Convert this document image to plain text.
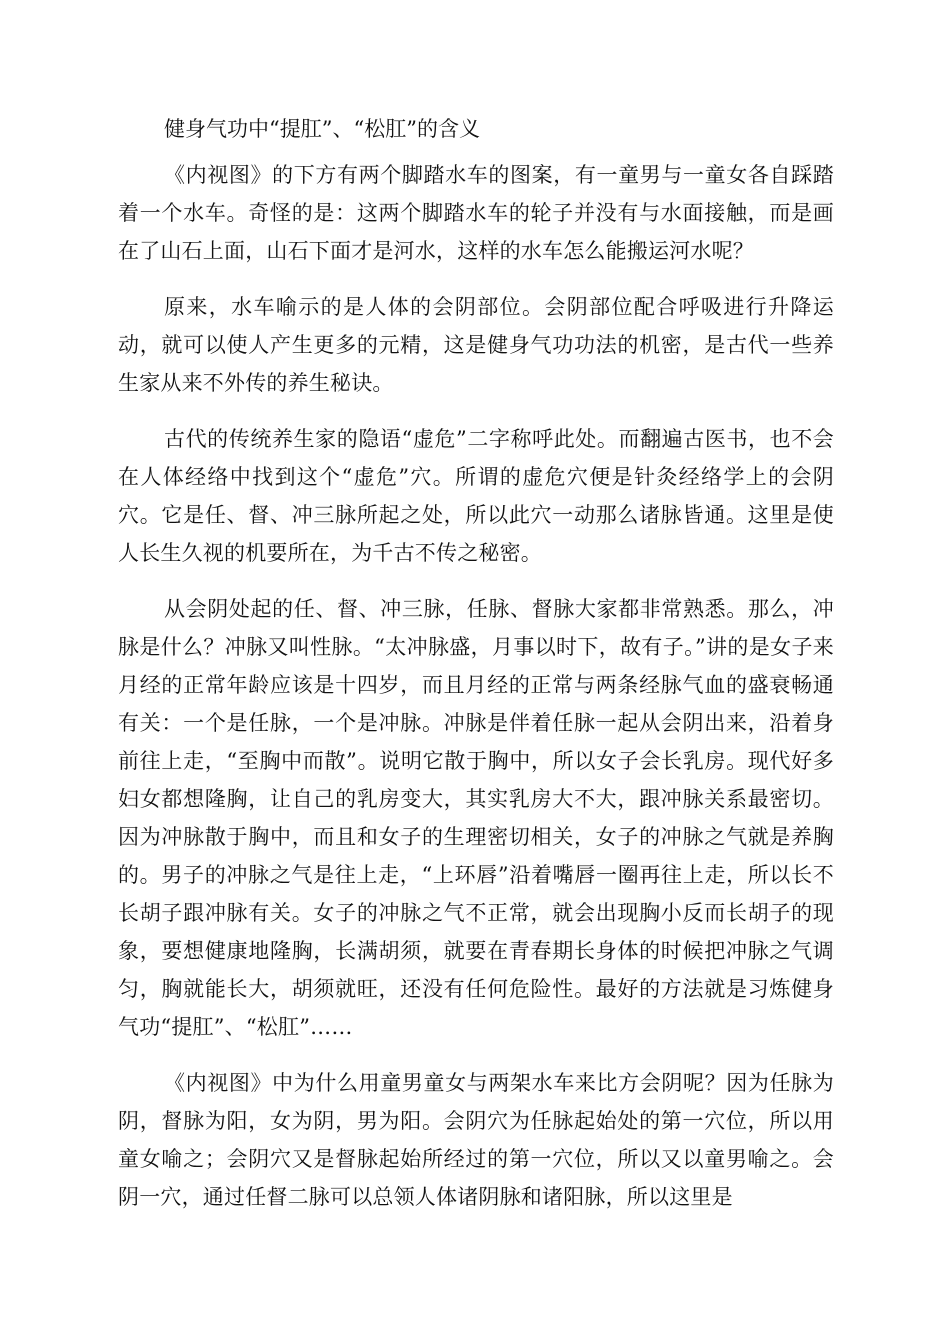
健身气功中“提肛”、“松肛”的含义

《内视图》的下方有两个脚踏水车的图案，有一童男与一童女各自踩踏着一个水车。奇怪的是：这两个脚踏水车的轮子并没有与水面接触，而是画在了山石上面，山石下面才是河水，这样的水车怎么能搬运河水呢？

原来，水车喻示的是人体的会阴部位。会阴部位配合呼吸进行升降运动，就可以使人产生更多的元精，这是健身气功功法的机密，是古代一些养生家从来不外传的养生秘诀。

古代的传统养生家的隐语“虚危”二字称呼此处。而翻遍古医书，也不会在人体经络中找到这个“虚危”穴。所谓的虚危穴便是针灸经络学上的会阴穴。它是任、督、冲三脉所起之处，所以此穴一动那么诸脉皆通。这里是使人长生久视的机要所在，为千古不传之秘密。

从会阴处起的任、督、冲三脉，任脉、督脉大家都非常熟悉。那么，冲脉是什么？冲脉又叫性脉。“太冲脉盛，月事以时下，故有子。”讲的是女子来月经的正常年龄应该是十四岁，而且月经的正常与两条经脉气血的盛衰畅通有关：一个是任脉，一个是冲脉。冲脉是伴着任脉一起从会阴出来，沿着身前往上走，“至胸中而散”。说明它散于胸中，所以女子会长乳房。现代好多妇女都想隆胸，让自己的乳房变大，其实乳房大不大，跟冲脉关系最密切。因为冲脉散于胸中，而且和女子的生理密切相关，女子的冲脉之气就是养胸的。男子的冲脉之气是往上走，“上环唇”沿着嘴唇一圈再往上走，所以长不长胡子跟冲脉有关。女子的冲脉之气不正常，就会出现胸小反而长胡子的现象，要想健康地隆胸，长满胡须，就要在青春期长身体的时候把冲脉之气调匀，胸就能长大，胡须就旺，还没有任何危险性。最好的方法就是习炼健身气功“提肛”、“松肛”……

《内视图》中为什么用童男童女与两架水车来比方会阴呢？因为任脉为阴，督脉为阳，女为阴，男为阳。会阴穴为任脉起始处的第一穴位，所以用童女喻之；会阴穴又是督脉起始所经过的第一穴位，所以又以童男喻之。会阴一穴，通过任督二脉可以总领人体诸阴脉和诸阳脉，所以这里是
